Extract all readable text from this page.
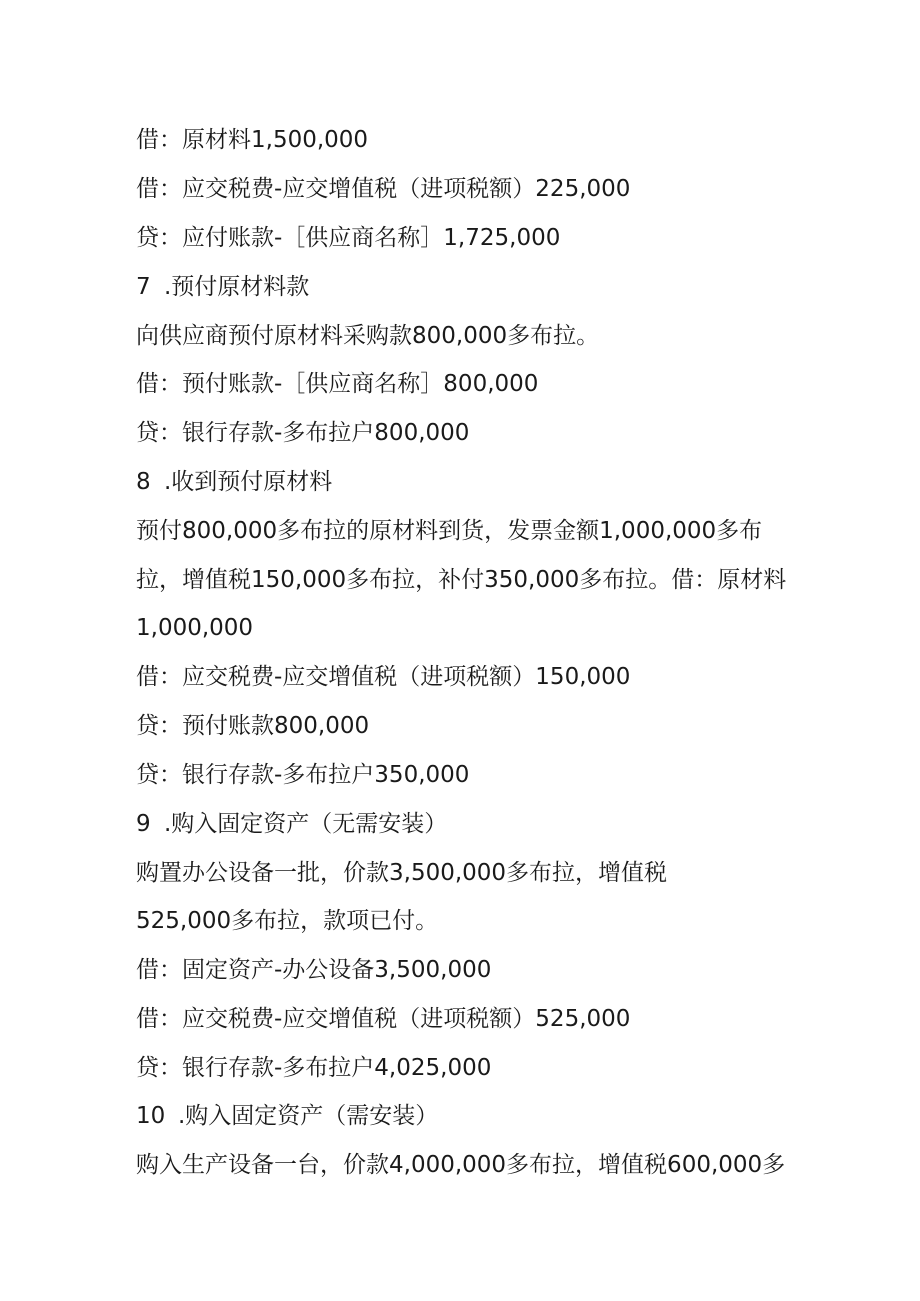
借：原材料1,500,000

借：应交税费-应交增值税（进项税额）225,000

贷：应付账款-［供应商名称］1,725,000

7 .预付原材料款

向供应商预付原材料采购款800,000多布拉。

借：预付账款-［供应商名称］800,000

贷：银行存款-多布拉户800,000

8 .收到预付原材料

预付800,000多布拉的原材料到货，发票金额1,000,000多布

拉，增值税150,000多布拉，补付350,000多布拉。借：原材料

1,000,000

借：应交税费-应交增值税（进项税额）150,000

贷：预付账款800,000

贷：银行存款-多布拉户350,000

9 .购入固定资产（无需安装）

购置办公设备一批，价款3,500,000多布拉，增值税

525,000多布拉，款项已付。

借：固定资产-办公设备3,500,000

借：应交税费-应交增值税（进项税额）525,000

贷：银行存款-多布拉户4,025,000

10 .购入固定资产（需安装）

购入生产设备一台，价款4,000,000多布拉，增值税600,000多
